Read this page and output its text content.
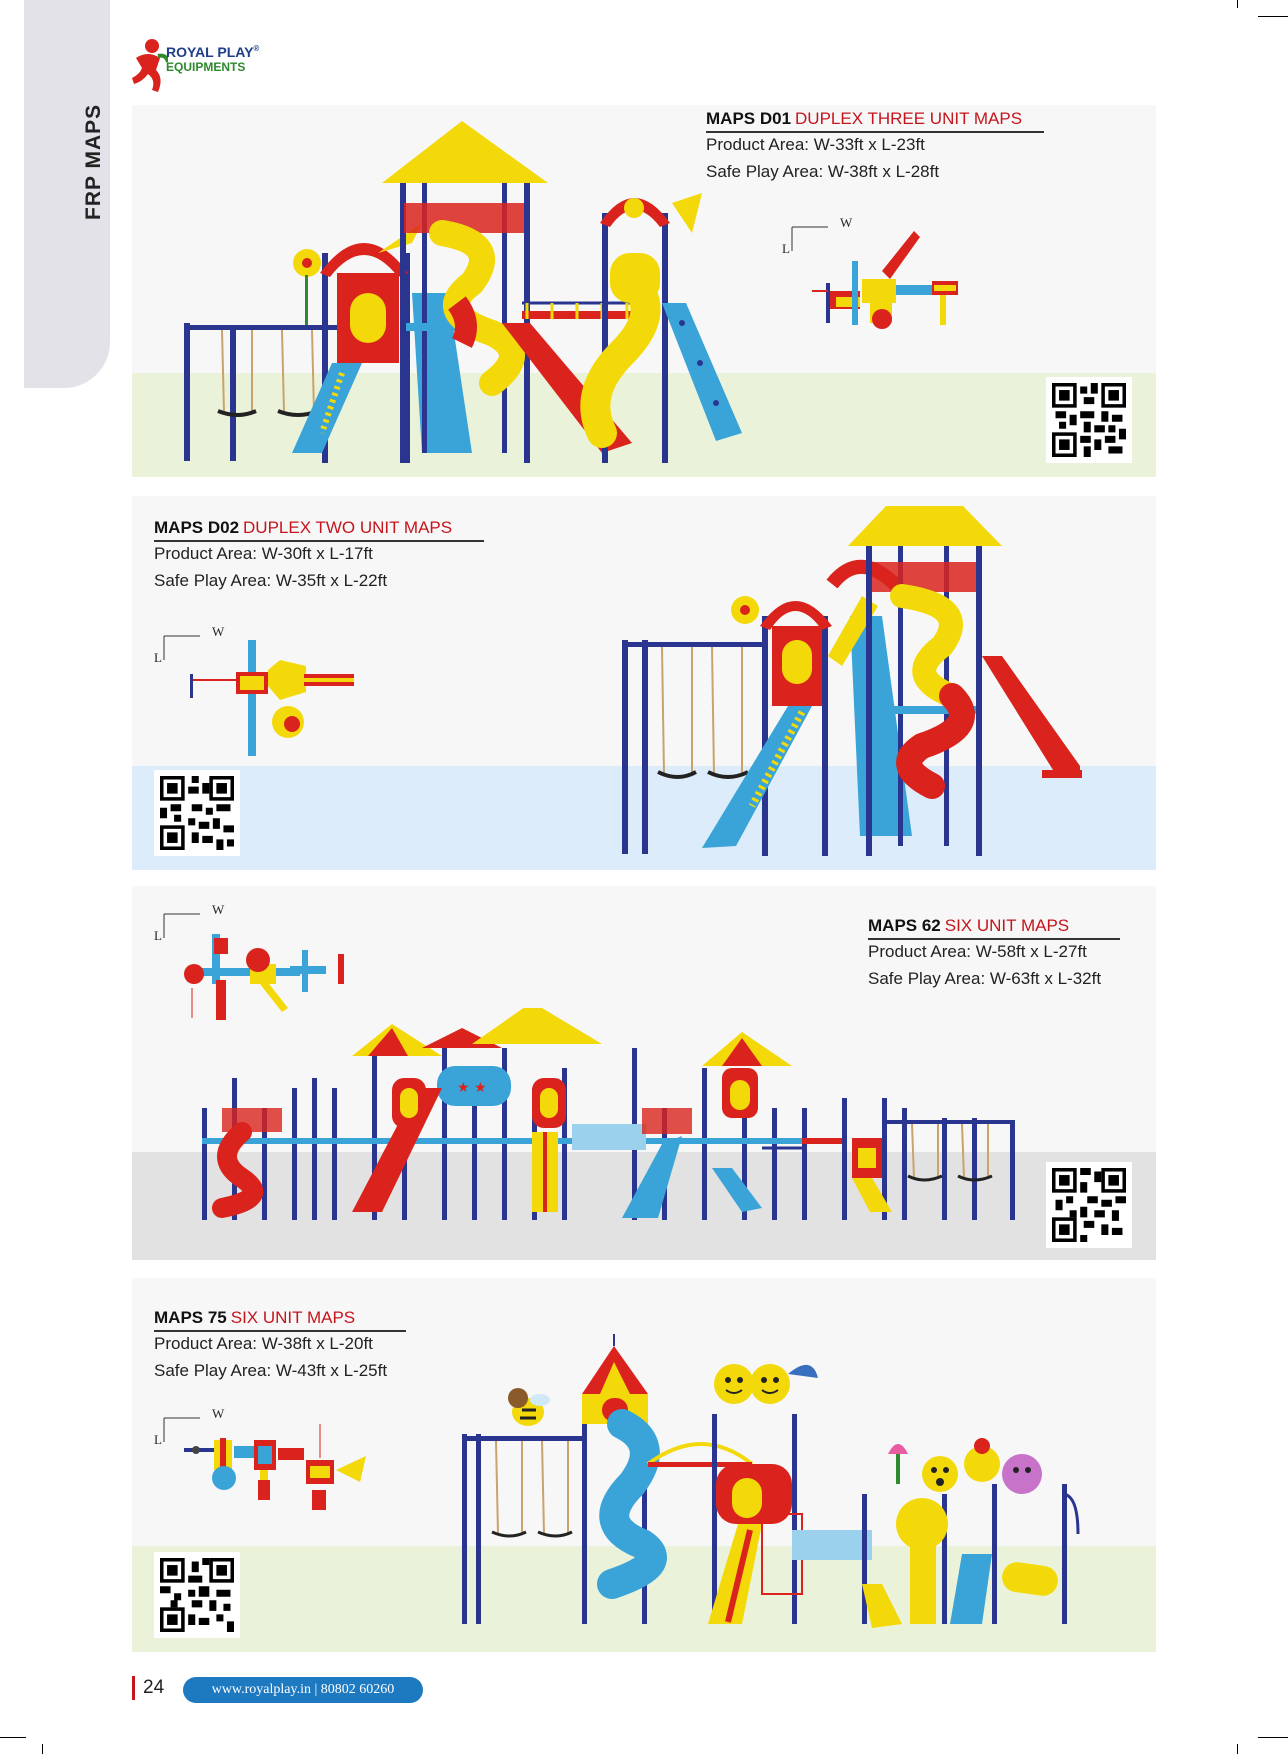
FRP MAPS
ROYAL PLAY®
EQUIPMENTS
MAPS D01 DUPLEX THREE UNIT MAPS
Product Area: W-33ft x L-23ft
Safe Play Area: W-38ft x L-28ft
W
L
MAPS D02 DUPLEX TWO UNIT MAPS
Product Area: W-30ft x L-17ft
Safe Play Area: W-35ft x L-22ft
W
L
W
L
MAPS 62 SIX UNIT MAPS
Product Area: W-58ft x L-27ft
Safe Play Area: W-63ft x L-32ft
★ ★
MAPS 75 SIX UNIT MAPS
Product Area: W-38ft x L-20ft
Safe Play Area: W-43ft x L-25ft
W
L
24	www.royalplay.in | 80802 60260
